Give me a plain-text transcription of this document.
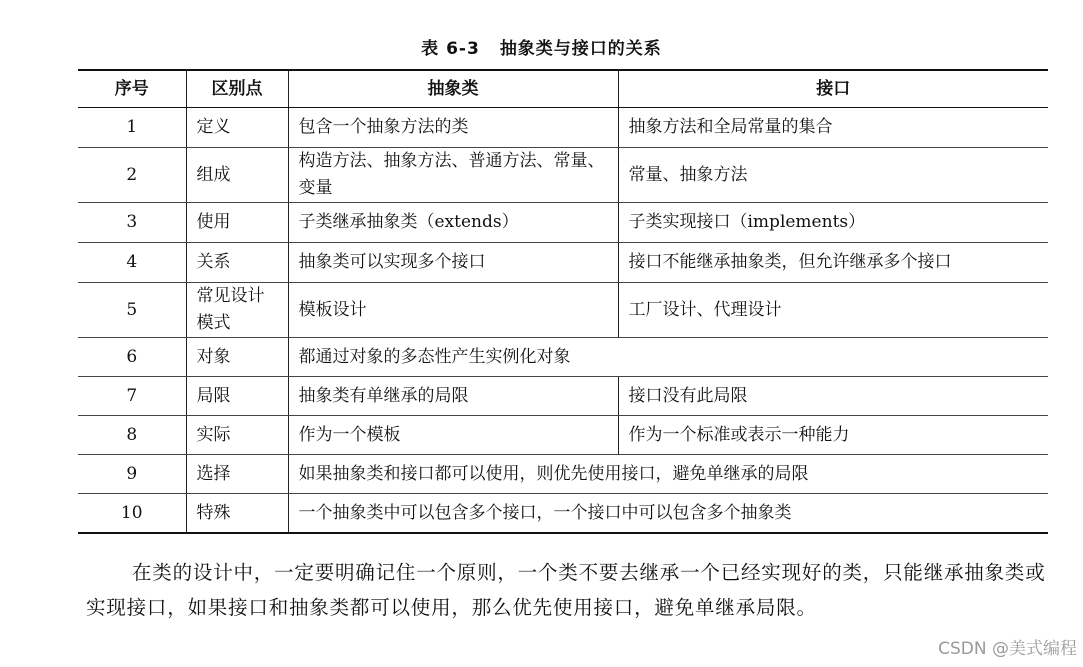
表 6-3 抽象类与接口的关系
序号	区别点	抽象类	接口
1	定义	包含一个抽象方法的类	抽象方法和全局常量的集合
2	组成	构造方法、抽象方法、普通方法、常量、变量	常量、抽象方法
3	使用	子类继承抽象类（extends）	子类实现接口（implements）
4	关系	抽象类可以实现多个接口	接口不能继承抽象类，但允许继承多个接口
5	常见设计模式	模板设计	工厂设计、代理设计
6	对象	都通过对象的多态性产生实例化对象	
7	局限	抽象类有单继承的局限	接口没有此局限
8	实际	作为一个模板	作为一个标准或表示一种能力
9	选择	如果抽象类和接口都可以使用，则优先使用接口，避免单继承的局限	
10	特殊	一个抽象类中可以包含多个接口，一个接口中可以包含多个抽象类	
在类的设计中，一定要明确记住一个原则，一个类不要去继承一个已经实现好的类，只能继承抽象类或实现接口，如果接口和抽象类都可以使用，那么优先使用接口，避免单继承局限。
CSDN @美式编程
